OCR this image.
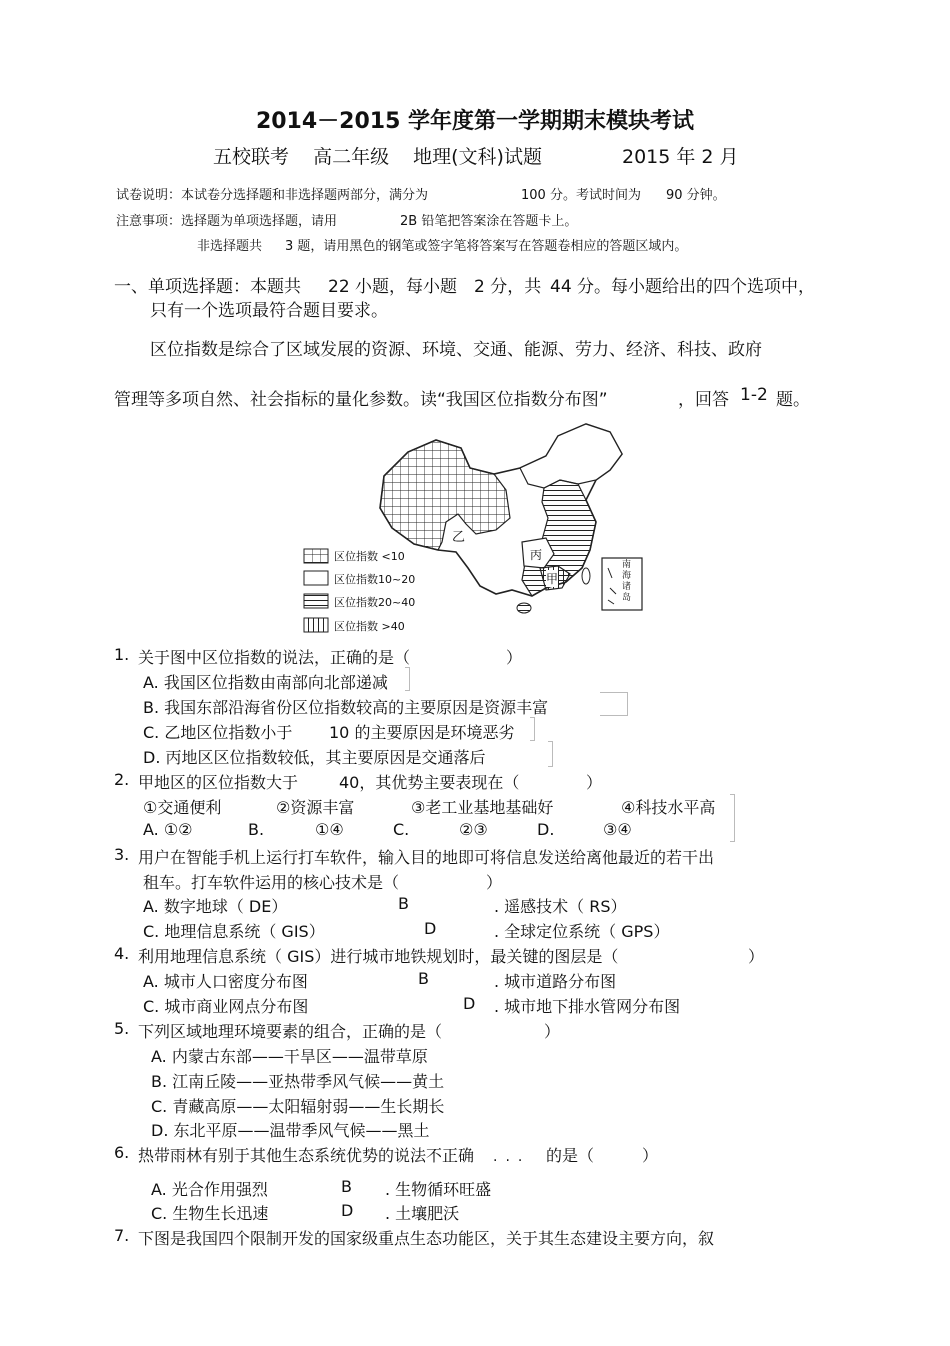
2014－2015 学年度第一学期期末模块考试
五校联考 高二年级 地理(文科)试题	2015 年 2 月
试卷说明：本试卷分选择题和非选择题两部分，满分为	100 分。考试时间为 90 分钟。
注意事项：选择题为单项选择题，请用	2B 铅笔把答案涂在答题卡上。
非选择题共 3 题，请用黑色的钢笔或签字笔将答案写在答题卷相应的答题区域内。
一、单项选择题：本题共 22 小题，每小题 2 分，共 44 分。每小题给出的四个选项中，
只有一个选项最符合题目要求。
区位指数是综合了区域发展的资源、环境、交通、能源、劳力、经济、科技、政府
管理等多项自然、社会指标的量化参数。读“我国区位指数分布图”	，回答 1-2 题。
区位指数 <10
区位指数10~20
区位指数20~40
区位指数 >40
乙
丙
甲
南
海
诸
岛
1. 关于图中区位指数的说法，正确的是（	）
A. 我国区位指数由南部向北部递减
B. 我国东部沿海省份区位指数较高的主要原因是资源丰富
C. 乙地区位指数小于 10 的主要原因是环境恶劣
D. 丙地区区位指数较低，其主要原因是交通落后
2. 甲地区的区位指数大于	40，其优势主要表现在（	）
①交通便利	②资源丰富	③老工业基地基础好	④科技水平高
A. ①②	B.	①④	C.	②③	D.	③④
3. 用户在智能手机上运行打车软件，输入目的地即可将信息发送给离他最近的若干出
租车。打车软件运用的核心技术是（	）
A. 数字地球（ DE）	B	. 遥感技术（ RS）
C. 地理信息系统（ GIS）	D	. 全球定位系统（ GPS）
4. 利用地理信息系统（ GIS）进行城市地铁规划时，最关键的图层是（	）
A. 城市人口密度分布图	B	. 城市道路分布图
C. 城市商业网点分布图	D . 城市地下排水管网分布图
5. 下列区域地理环境要素的组合，正确的是（	）
A. 内蒙古东部——干旱区——温带草原
B. 江南丘陵——亚热带季风气候——黄土
C. 青藏高原——太阳辐射弱——生长期长
D. 东北平原——温带季风气候——黑土
6. 热带雨林有别于其他生态系统优势的说法不正确	的是（	）
···
A. 光合作用强烈	B . 生物循环旺盛
C. 生物生长迅速	D . 土壤肥沃
7. 下图是我国四个限制开发的国家级重点生态功能区，关于其生态建设主要方向，叙
